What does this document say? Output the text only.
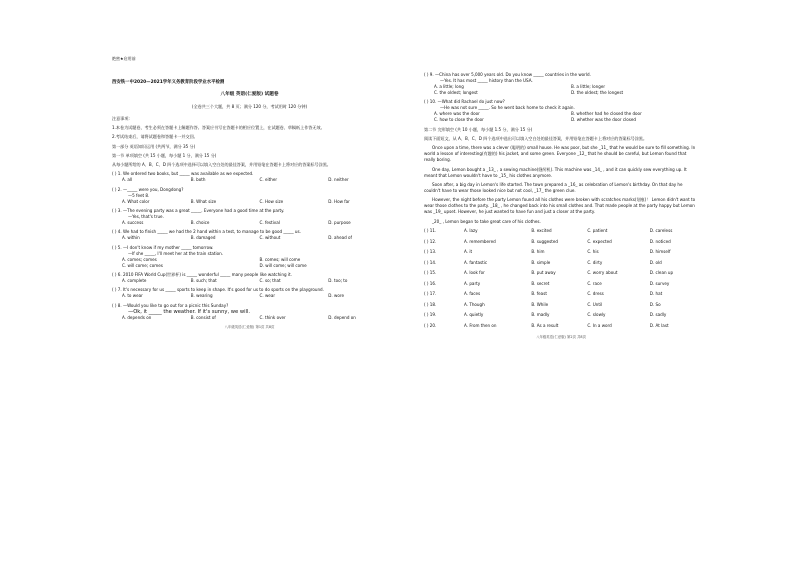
绝密★启用前
西安铁一中2020—2021学年义务教育阶段学业水平检测
八年级 英语(仁爱版) 试题卷
(全卷共三个大题，共 8 页；满分 120 分，考试用时 120 分钟)
注意事项:
1.本卷为试题卷，考生必须在答题卡上解题作答。答案应书写在答题卡的相应位置上，在试题卷、草稿纸上作答无效。
2.考试结束后，请将试题卷和答题卡一并交回。
第一部分 英语知识运用 (共两节，满分 35 分)
第一节 单项填空 (共 15 小题，每小题 1 分，满分 15 分)
从每小题所给的 A、B、C、D 四个选项中选择可以填入空白处的最佳答案，并用铅笔在答题卡上将对应的答案标号涂黑。
( ) 1. We ordered two books, but _____ was available as we expected.
A. all	B. both	C. either	D. neither
( ) 2. —_____ were you, Dongdong?
—5 feet 8.
A. What color	B. What size	C. How size	D. How far
( ) 3. —The evening party was a great _____. Everyone had a good time at the party.
—Yes, that's true.
A. success	B. choice	C. festival	D. purpose
( ) 4. We had to finish _____ we had the 2 hand within a test, to manage to be good _____ us.
A. within	B. damaged	C. without	D. ahead of
( ) 5. —I don't know if my mother _____ tomorrow.
—If she _____, I'll meet her at the train station.
A. comes; comes	B. comes; will come
C. will come; comes	D. will come; will come
( ) 6. 2010 FIFA World Cup(世界杯) is _____ wonderful _____ many people like watching it.
A. complete	B. such; that	C. so; that	D. too; to
( ) 7. It's necessary for us _____ sports to keep in shape. It's good for us to do sports on the playground.
A. to wear	B. wearing	C. wear	D. wore
( ) 8. —Would you like to go out for a picnic this Sunday?
—Ok, it _____ the weather. If it's sunny, we will.
A. depends on	B. consist of	C. think over	D. depend on
八年级英语(仁爱版) 第1页 共8页
( ) 9. —China has over 5,000 years old. Do you know _____ countries in the world.
—Yes. It has most _____ history than the USA.
A. a little; long	B. a little; longer
C. the oldest; longest	D. the oldest; the longest
( ) 10. —What did Rachael do just now?
—He was not sure _____. So he went back home to check it again.
A. where was the door	B. whether had he closed the door
C. how to close the door	D. whether was the door closed
第二节 完形填空 (共 10 小题，每小题 1.5 分，满分 15 分)
阅读下面短文，从 A、B、C、D 四个选项中选出可以填入空白处的最佳答案，并用铅笔在答题卡上将对应的答案标号涂黑。

Once upon a time, there was a clever (聪明的) small house. He was poor, but she _11_ that he would be sure to fill something. In world a lesson of interesting(有趣的) his jacket, and some green. Everyone _12_ that he should be careful, but Lemon found that really boring.

One day, Lemon bought a _13_ , a sewing machine(缝纫机). This machine was _14_ , and it can quickly sew everything up. It meant that Lemon wouldn't have to _15_ his clothes anymore.

Soon after, a big day in Lemon's life started. The town prepared a _16_ as celebration of Lemon's birthday. On that day he couldn't have to wear those looked nice but not cool, _17_ the green clue.

However, the night before the party Lemon found all his clothes were broken with scratches marks(划痕)！ Lemon didn't want to wear those clothes to the party. _18_ , he changed back into his small clothes and. That made people at the party happy but Lemon was _19_ upset. However, he just wanted to have fun and just a closer at the party.

_20_ , Lemon began to take great care of his clothes.

( ) 11.	A. lazy	B. excited	C. patient	D. careless
( ) 12.	A. remembered	B. suggested	C. expected	D. noticed
( ) 13.	A. it	B. him	C. his	D. himself
( ) 14.	A. fantastic	B. simple	C. dirty	D. old
( ) 15.	A. look for	B. put away	C. worry about	D. clean up
( ) 16.	A. party	B. secret	C. race	D. survey
( ) 17.	A. faces	B. feast	C. dress	D. hat
( ) 18.	A. Though	B. While	C. Until	D. So
( ) 19.	A. quietly	B. madly	C. slowly	D. sadly
( ) 20.	A. From then on	B. As a result	C. In a word	D. At last
八年级英语(仁爱版) 第2页 共8页
